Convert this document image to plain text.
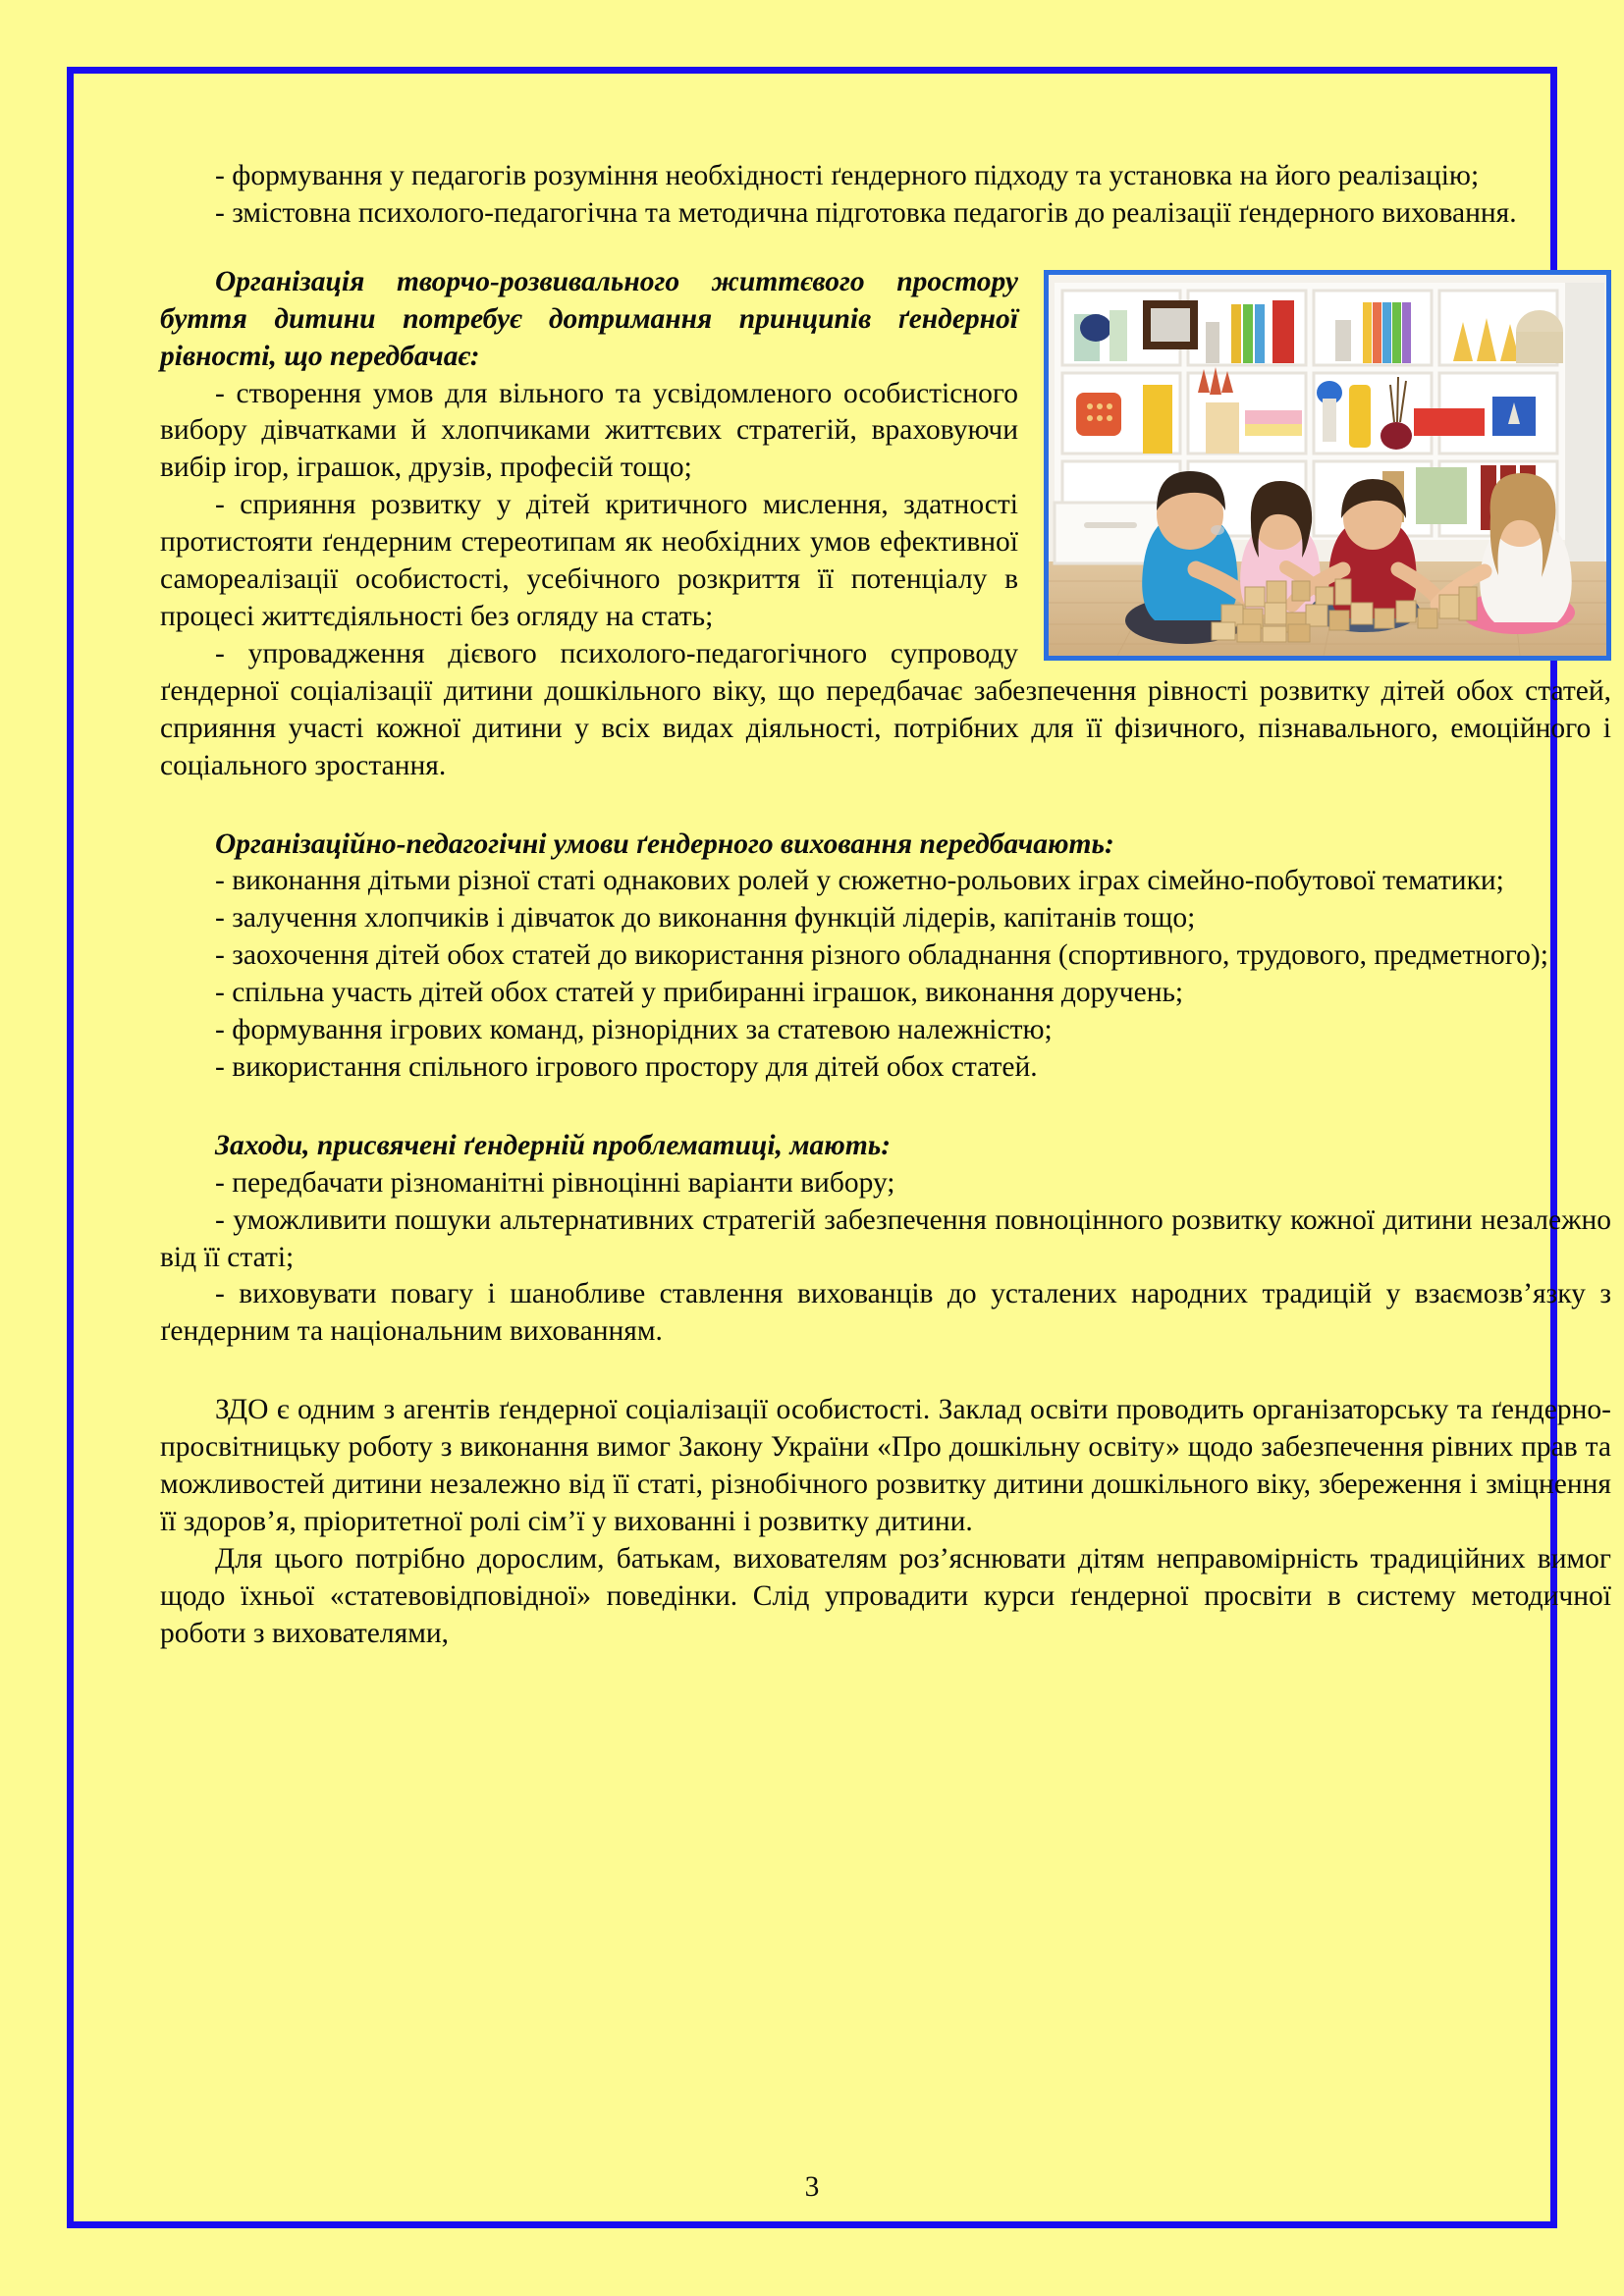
- формування у педагогів розуміння необхідності ґендерного підходу та установка на його реалізацію;

- змістовна психолого-педагогічна та методична підготовка педагогів до реалізації ґендерного виховання.

Організація творчо-розвивального життєвого простору буття дитини потребує дотримання принципів ґендерної рівності, що передбачає:

- створення умов для вільного та усвідомленого особистісного вибору дівчатками й хлопчиками життєвих стратегій, враховуючи вибір ігор, іграшок, друзів, професій тощо;

- сприяння розвитку у дітей критичного мислення, здатності протистояти ґендерним стереотипам як необхідних умов ефективної самореалізації особистості, усебічного розкриття її потенціалу в процесі життєдіяльності без огляду на стать;

- упровадження дієвого психолого-педагогічного супроводу ґендерної соціалізації дитини дошкільного віку, що передбачає забезпечення рівності розвитку дітей обох статей, сприяння участі кожної дитини у всіх видах діяльності, потрібних для її фізичного, пізнавального, емоційного і соціального зростання.

Організаційно-педагогічні умови ґендерного виховання передбачають:

- виконання дітьми різної статі однакових ролей у сюжетно-рольових іграх сімейно-побутової тематики;

- залучення хлопчиків і дівчаток до виконання функцій лідерів, капітанів тощо;

- заохочення дітей обох статей до використання різного обладнання (спортивного, трудового, предметного);

- спільна участь дітей обох статей у прибиранні іграшок, виконання доручень;

- формування ігрових команд, різнорідних за статевою належністю;

- використання спільного ігрового простору для дітей обох статей.

Заходи, присвячені ґендерній проблематиці, мають:

- передбачати різноманітні рівноцінні варіанти вибору;

- уможливити пошуки альтернативних стратегій забезпечення повноцінного розвитку кожної дитини незалежно від її статі;

- виховувати повагу і шанобливе ставлення вихованців до усталених народних традицій у взаємозв’язку з ґендерним та національним вихованням.

ЗДО є одним з агентів ґендерної соціалізації особистості. Заклад освіти проводить організаторську та ґендерно-просвітницьку роботу з виконання вимог Закону України «Про дошкільну освіту» щодо забезпечення рівних прав та можливостей дитини незалежно від її статі, різнобічного розвитку дитини дошкільного віку, збереження і зміцнення її здоров’я, пріоритетної ролі сім’ї у вихованні і розвитку дитини.

Для цього потрібно дорослим, батькам, вихователям роз’яснювати дітям неправомірність традиційних вимог щодо їхньої «статевовідповідної» поведінки. Слід упровадити курси ґендерної просвіти в систему методичної роботи з вихователями,

3
